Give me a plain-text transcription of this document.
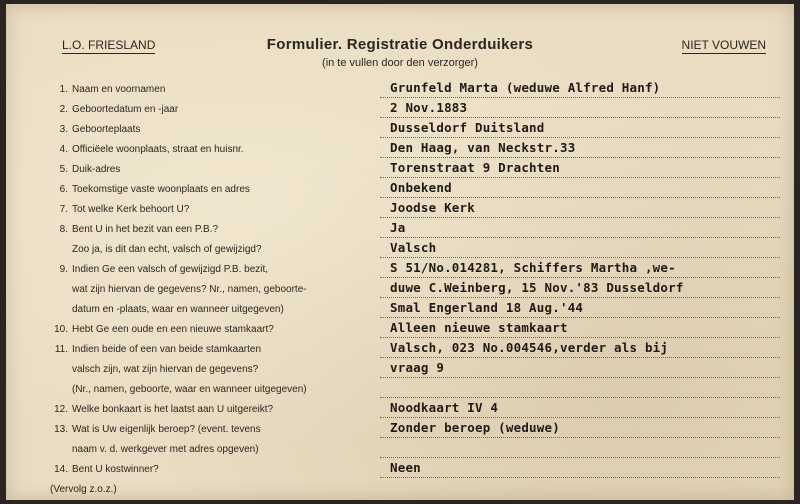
L.O. FRIESLAND	Formulier. Registratie Onderduikers
(in te vullen door den verzorger)
NIET VOUWEN
1. Naam en voornamen	Grunfeld Marta (weduwe Alfred Hanf)
2. Geboortedatum en -jaar	2 Nov.1883
3. Geboorteplaats	Dusseldorf Duitsland
4. Officiëele woonplaats, straat en huisnr.	Den Haag, van Neckstr.33
5. Duik-adres	Torenstraat 9 Drachten
6. Toekomstige vaste woonplaats en adres	Onbekend
7. Tot welke Kerk behoort U?	Joodse Kerk
8. Bent U in het bezit van een P.B.?	Ja
Zoo ja, is dit dan echt, valsch of gewijzigd?	Valsch
9. Indien Ge een valsch of gewijzigd P.B. bezit,	S 51/No.014281, Schiffers Martha ,we-
wat zijn hiervan de gegevens? Nr., namen, geboorte-	duwe C.Weinberg, 15 Nov.'83 Dusseldorf
datum en -plaats, waar en wanneer uitgegeven)	Smal Engerland 18 Aug.'44
10. Hebt Ge een oude en een nieuwe stamkaart?	Alleen nieuwe stamkaart
11. Indien beide of een van beide stamkaarten	Valsch, 023 No.004546,verder als bij
valsch zijn, wat zijn hiervan de gegevens?	vraag 9
(Nr., namen, geboorte, waar en wanneer uitgegeven)
12. Welke bonkaart is het laatst aan U uitgereikt?	Noodkaart IV 4
13. Wat is Uw eigenlijk beroep? (event. tevens	Zonder beroep (weduwe)
naam v. d. werkgever met adres opgeven)
14. Bent U kostwinner?	Neen
(Vervolg z.o.z.)
